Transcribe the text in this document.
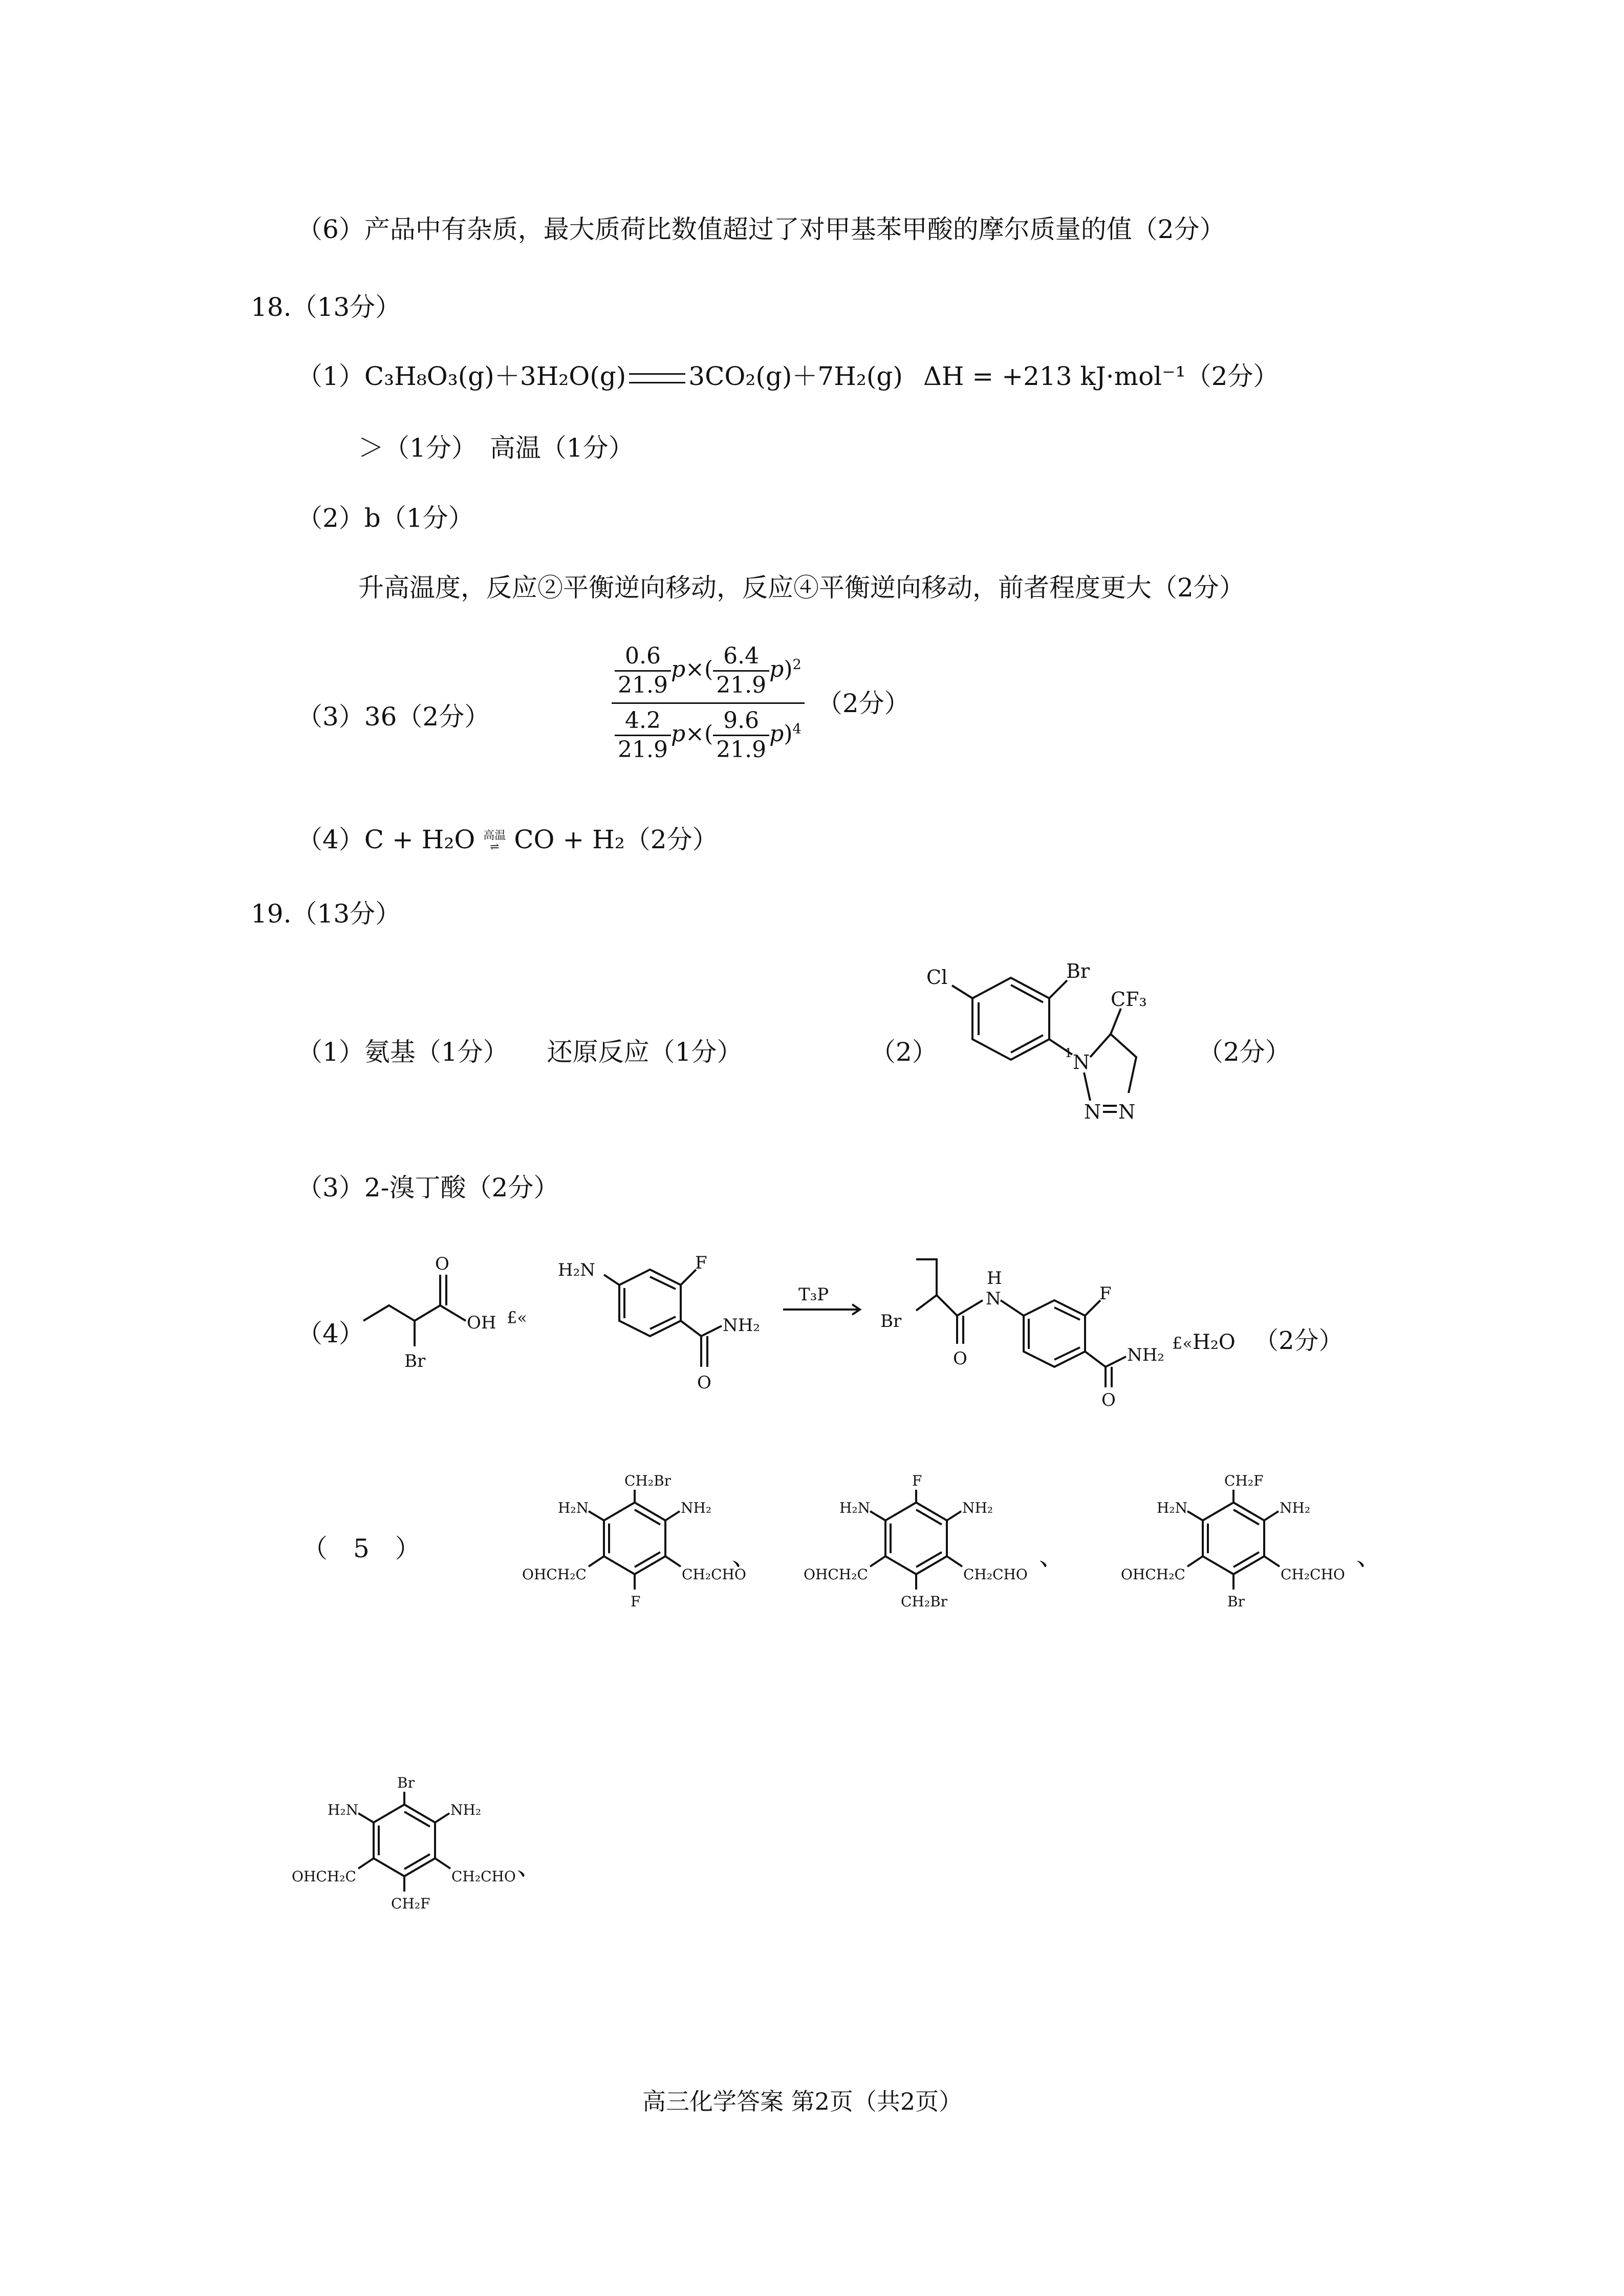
（6）产品中有杂质，最大质荷比数值超过了对甲基苯甲酸的摩尔质量的值（2分）
18.（13分）
（1）C₃H₈O₃(g)＋3H₂O(g) 3CO₂(g)＋7H₂(g) ΔH = +213 kJ·mol⁻¹（2分）
＞（1分）　高温（1分）
（2）b（1分）
升高温度，反应②平衡逆向移动，反应④平衡逆向移动，前者程度更大（2分）
（3）36（2分）	$\frac{\frac{0.6}{21.9} p\times( \frac{6.4}{21.9} p)^2}{\frac{4.2}{21.9} p\times( \frac{9.6}{21.9} p)^4} (2$分）
（4）C + H₂O 高温
⇌ CO + H₂（2分）
19.（13分）
（1）氨基（1分）　　还原反应（1分）	（2）	（2分）
Cl	Br
N
1
N N
CF₃
（3）2-溴丁酸（2分）
（4）
O
OH
Br
£«
H₂N	F
O
NH₂
T₃P
Br
O
N
H
F
O
NH₂
£« H₂O （2分）
（　5　）
CH₂Br
H₂N	NH₂
OHCH₂C	CH₂CHO
F
、
F
H₂N	NH₂
OHCH₂C	CH₂CHO
CH₂Br
、
CH₂F
H₂N	NH₂
OHCH₂C	CH₂CHO
Br
、
Br
H₂N	NH₂
OHCH₂C	CH₂CHO
CH₂F
、
高三化学答案 第2页（共2页）
